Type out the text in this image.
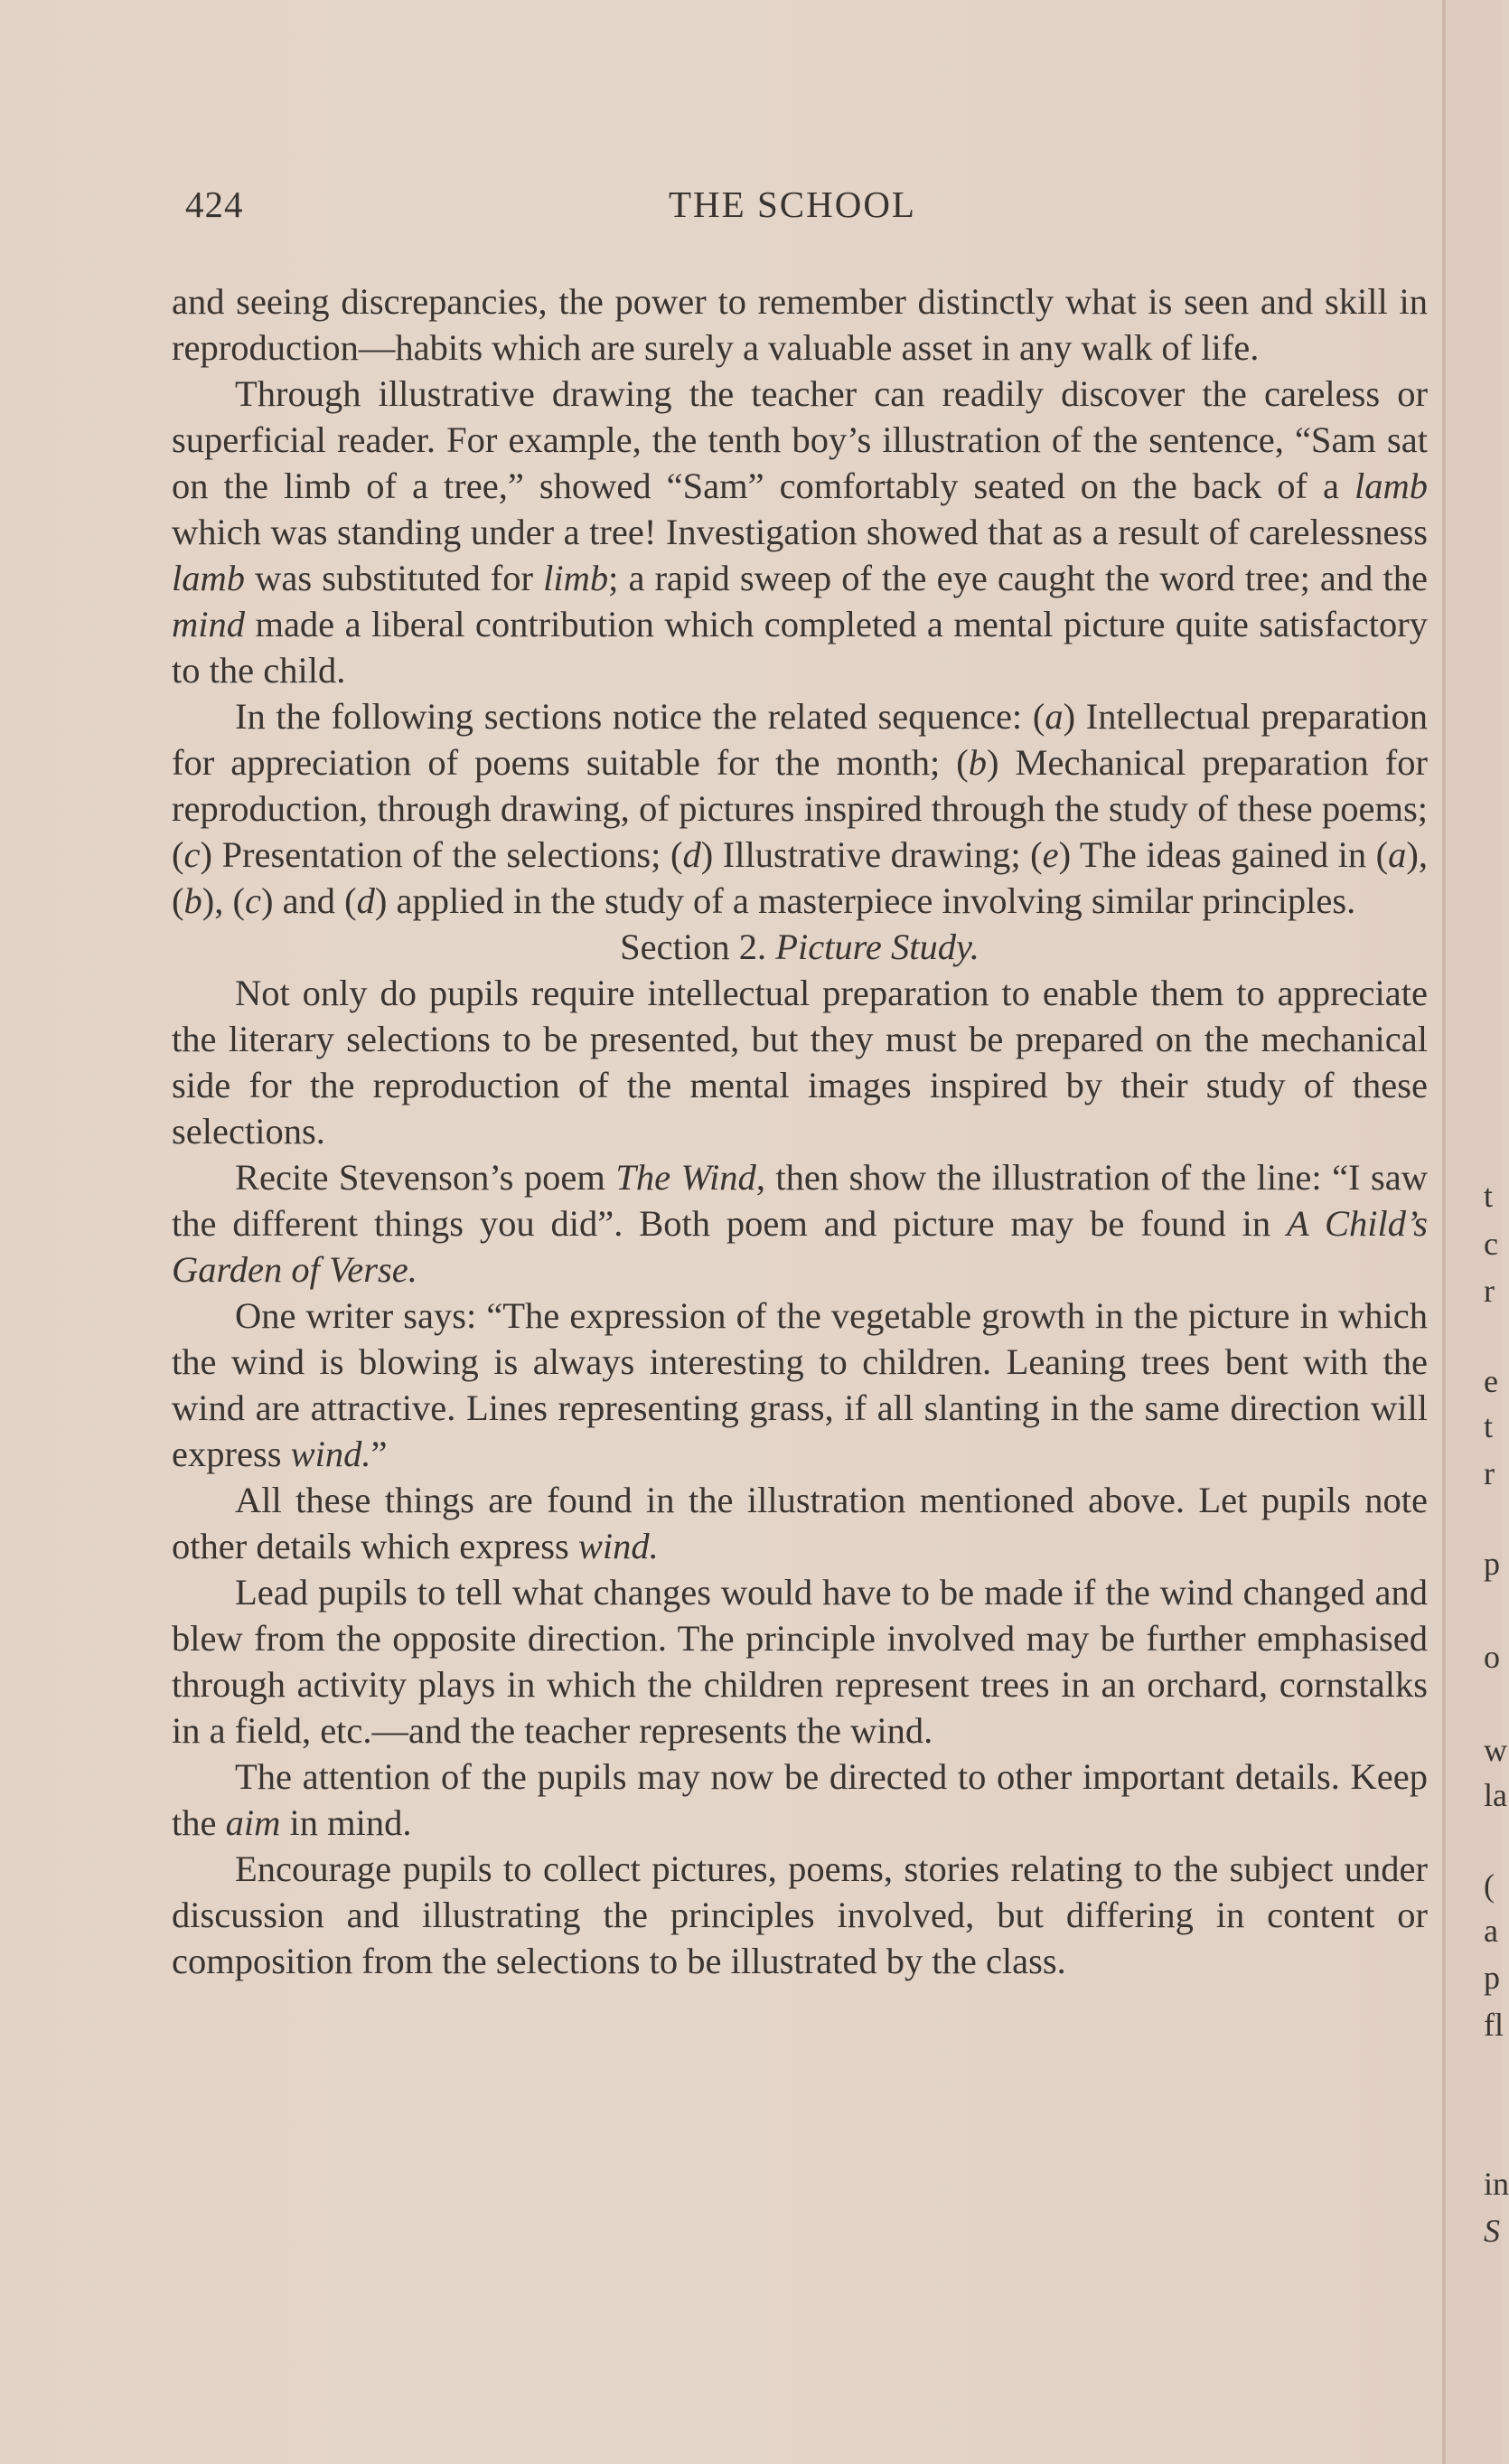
424	THE SCHOOL

and seeing discrepancies, the power to remember distinctly what is seen and skill in reproduction—habits which are surely a valuable asset in any walk of life.

Through illustrative drawing the teacher can readily discover the careless or superficial reader. For example, the tenth boy’s illustration of the sentence, “Sam sat on the limb of a tree,” showed “Sam” comfortably seated on the back of a lamb which was standing under a tree! Investigation showed that as a result of carelessness lamb was substituted for limb; a rapid sweep of the eye caught the word tree; and the mind made a liberal contribution which completed a mental picture quite satisfactory to the child.

In the following sections notice the related sequence: (a) Intellectual preparation for appreciation of poems suitable for the month; (b) Mechanical preparation for reproduction, through drawing, of pictures inspired through the study of these poems; (c) Presentation of the selections; (d) Illustrative drawing; (e) The ideas gained in (a), (b), (c) and (d) applied in the study of a masterpiece involving similar principles.

Section 2. Picture Study.

Not only do pupils require intellectual preparation to enable them to appreciate the literary selections to be presented, but they must be prepared on the mechanical side for the reproduction of the mental images inspired by their study of these selections.

Recite Stevenson’s poem The Wind, then show the illustration of the line: “I saw the different things you did”. Both poem and picture may be found in A Child’s Garden of Verse.

One writer says: “The expression of the vegetable growth in the picture in which the wind is blowing is always interesting to children. Leaning trees bent with the wind are attractive. Lines representing grass, if all slanting in the same direction will express wind.”

All these things are found in the illustration mentioned above. Let pupils note other details which express wind.

Lead pupils to tell what changes would have to be made if the wind changed and blew from the opposite direction. The principle involved may be further emphasised through activity plays in which the children represent trees in an orchard, cornstalks in a field, etc.—and the teacher represents the wind.

The attention of the pupils may now be directed to other important details. Keep the aim in mind.

Encourage pupils to collect pictures, poems, stories relating to the subject under discussion and illustrating the principles involved, but differing in content or composition from the selections to be illustrated by the class.

t
c
r
e
t
r
p
o
w
la
(
a
p
fl
in
S
